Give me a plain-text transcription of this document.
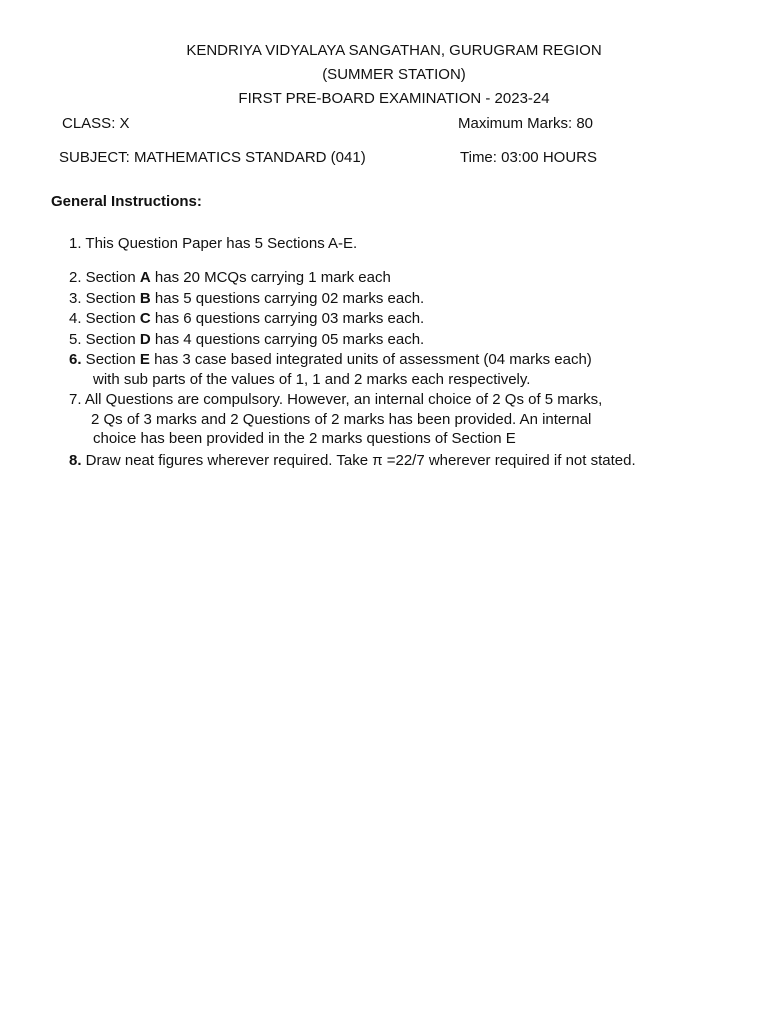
KENDRIYA VIDYALAYA SANGATHAN, GURUGRAM REGION
(SUMMER STATION)
FIRST PRE-BOARD EXAMINATION - 2023-24
CLASS: X	Maximum Marks: 80
SUBJECT: MATHEMATICS STANDARD (041)	Time: 03:00 HOURS
General Instructions:
1. This Question Paper has 5 Sections A-E.
2. Section A has 20 MCQs carrying 1 mark each
3. Section B has 5 questions carrying 02 marks each.
4. Section C has 6 questions carrying 03 marks each.
5. Section D has 4 questions carrying 05 marks each.
6. Section E has 3 case based integrated units of assessment (04 marks each)
with sub parts of the values of 1, 1 and 2 marks each respectively.
7. All Questions are compulsory. However, an internal choice of 2 Qs of 5 marks,
2 Qs of 3 marks and 2 Questions of 2 marks has been provided. An internal
choice has been provided in the 2 marks questions of Section E
8. Draw neat figures wherever required. Take π =22/7 wherever required if not stated.
